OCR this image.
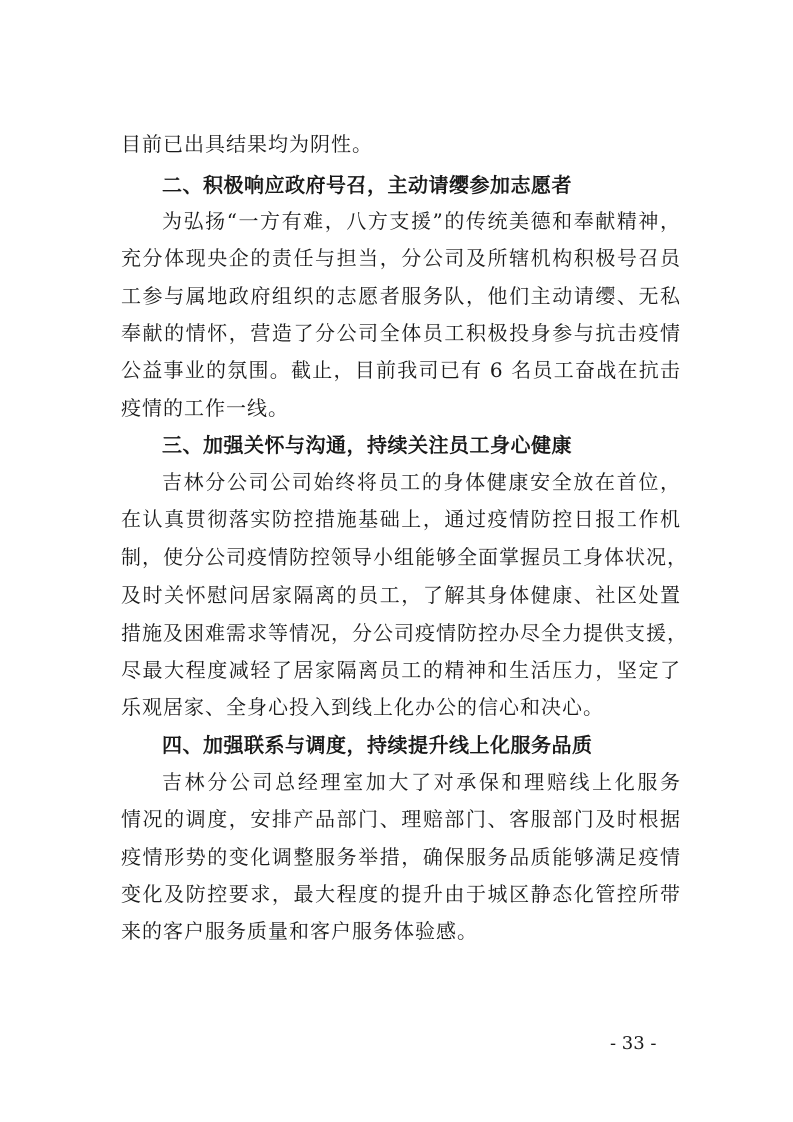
目前已出具结果均为阴性。
二、积极响应政府号召，主动请缨参加志愿者
为弘扬“一方有难，八方支援”的传统美德和奉献精神，
充分体现央企的责任与担当，分公司及所辖机构积极号召员
工参与属地政府组织的志愿者服务队，他们主动请缨、无私
奉献的情怀，营造了分公司全体员工积极投身参与抗击疫情
公益事业的氛围。截止，目前我司已有 6 名员工奋战在抗击
疫情的工作一线。
三、加强关怀与沟通，持续关注员工身心健康
吉林分公司公司始终将员工的身体健康安全放在首位，
在认真贯彻落实防控措施基础上，通过疫情防控日报工作机
制，使分公司疫情防控领导小组能够全面掌握员工身体状况，
及时关怀慰问居家隔离的员工，了解其身体健康、社区处置
措施及困难需求等情况，分公司疫情防控办尽全力提供支援，
尽最大程度减轻了居家隔离员工的精神和生活压力，坚定了
乐观居家、全身心投入到线上化办公的信心和决心。
四、加强联系与调度，持续提升线上化服务品质
吉林分公司总经理室加大了对承保和理赔线上化服务
情况的调度，安排产品部门、理赔部门、客服部门及时根据
疫情形势的变化调整服务举措，确保服务品质能够满足疫情
变化及防控要求，最大程度的提升由于城区静态化管控所带
来的客户服务质量和客户服务体验感。
- 33 -
